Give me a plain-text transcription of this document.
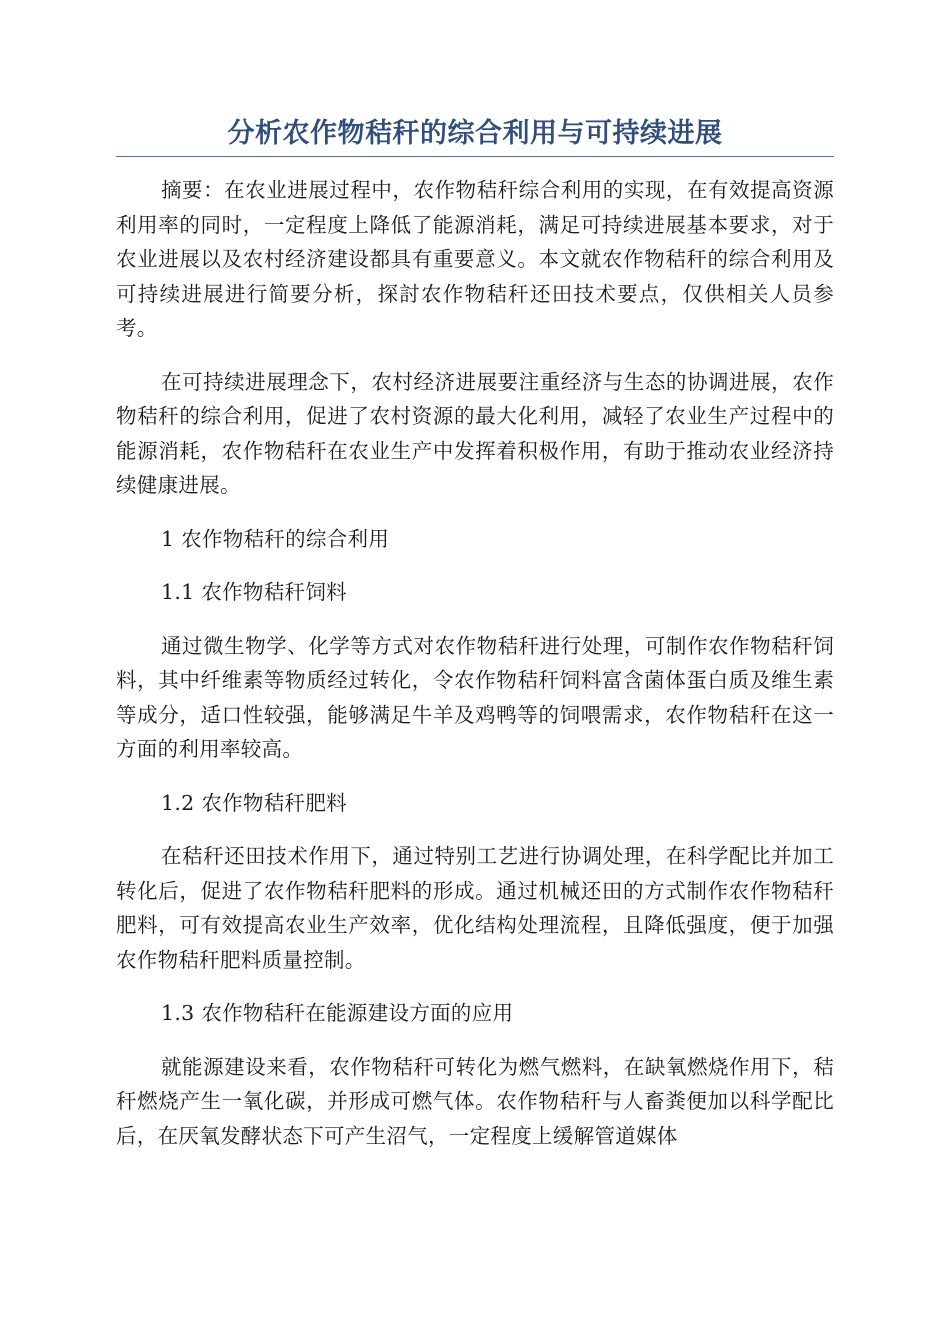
分析农作物秸秆的综合利用与可持续进展

摘要：在农业进展过程中，农作物秸秆综合利用的实现，在有效提高资源利用率的同时，一定程度上降低了能源消耗，满足可持续进展基本要求，对于农业进展以及农村经济建设都具有重要意义。本文就农作物秸秆的综合利用及可持续进展进行简要分析，探討农作物秸秆还田技术要点，仅供相关人员参考。

在可持续进展理念下，农村经济进展要注重经济与生态的协调进展，农作物秸秆的综合利用，促进了农村资源的最大化利用，减轻了农业生产过程中的能源消耗，农作物秸秆在农业生产中发挥着积极作用，有助于推动农业经济持续健康进展。

1 农作物秸秆的综合利用

1.1 农作物秸秆饲料

通过微生物学、化学等方式对农作物秸秆进行处理，可制作农作物秸秆饲料，其中纤维素等物质经过转化，令农作物秸秆饲料富含菌体蛋白质及维生素等成分，适口性较强，能够满足牛羊及鸡鸭等的饲喂需求，农作物秸秆在这一方面的利用率较高。

1.2 农作物秸秆肥料

在秸秆还田技术作用下，通过特别工艺进行协调处理，在科学配比并加工转化后，促进了农作物秸秆肥料的形成。通过机械还田的方式制作农作物秸秆肥料，可有效提高农业生产效率，优化结构处理流程，且降低强度，便于加强农作物秸秆肥料质量控制。

1.3 农作物秸秆在能源建设方面的应用

就能源建设来看，农作物秸秆可转化为燃气燃料，在缺氧燃烧作用下，秸秆燃烧产生一氧化碳，并形成可燃气体。农作物秸秆与人畜粪便加以科学配比后，在厌氧发酵状态下可产生沼气，一定程度上缓解管道媒体
